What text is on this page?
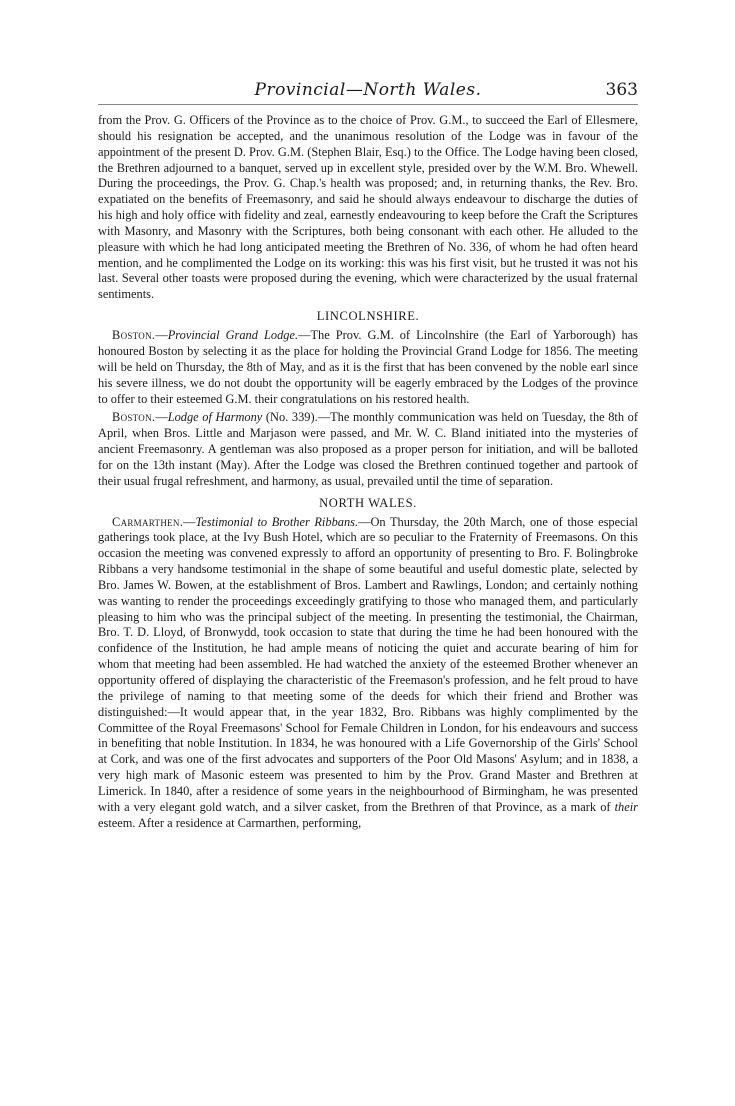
Provincial—North Wales.	363

from the Prov. G. Officers of the Province as to the choice of Prov. G.M., to succeed the Earl of Ellesmere, should his resignation be accepted, and the unanimous resolution of the Lodge was in favour of the appointment of the present D. Prov. G.M. (Stephen Blair, Esq.) to the Office. The Lodge having been closed, the Brethren adjourned to a banquet, served up in excellent style, presided over by the W.M. Bro. Whewell. During the proceedings, the Prov. G. Chap.'s health was proposed; and, in returning thanks, the Rev. Bro. expatiated on the benefits of Freemasonry, and said he should always endeavour to discharge the duties of his high and holy office with fidelity and zeal, earnestly endeavouring to keep before the Craft the Scriptures with Masonry, and Masonry with the Scriptures, both being consonant with each other. He alluded to the pleasure with which he had long anticipated meeting the Brethren of No. 336, of whom he had often heard mention, and he complimented the Lodge on its working: this was his first visit, but he trusted it was not his last. Several other toasts were proposed during the evening, which were characterized by the usual fraternal sentiments.

LINCOLNSHIRE.

Boston.—Provincial Grand Lodge.—The Prov. G.M. of Lincolnshire (the Earl of Yarborough) has honoured Boston by selecting it as the place for holding the Provincial Grand Lodge for 1856. The meeting will be held on Thursday, the 8th of May, and as it is the first that has been convened by the noble earl since his severe illness, we do not doubt the opportunity will be eagerly embraced by the Lodges of the province to offer to their esteemed G.M. their congratulations on his restored health.

Boston.—Lodge of Harmony (No. 339).—The monthly communication was held on Tuesday, the 8th of April, when Bros. Little and Marjason were passed, and Mr. W. C. Bland initiated into the mysteries of ancient Freemasonry. A gentleman was also proposed as a proper person for initiation, and will be balloted for on the 13th instant (May). After the Lodge was closed the Brethren continued together and partook of their usual frugal refreshment, and harmony, as usual, prevailed until the time of separation.

NORTH WALES.

Carmarthen.—Testimonial to Brother Ribbans.—On Thursday, the 20th March, one of those especial gatherings took place, at the Ivy Bush Hotel, which are so peculiar to the Fraternity of Freemasons. On this occasion the meeting was convened expressly to afford an opportunity of presenting to Bro. F. Bolingbroke Ribbans a very handsome testimonial in the shape of some beautiful and useful domestic plate, selected by Bro. James W. Bowen, at the establishment of Bros. Lambert and Rawlings, London; and certainly nothing was wanting to render the proceedings exceedingly gratifying to those who managed them, and particularly pleasing to him who was the principal subject of the meeting. In presenting the testimonial, the Chairman, Bro. T. D. Lloyd, of Bronwydd, took occasion to state that during the time he had been honoured with the confidence of the Institution, he had ample means of noticing the quiet and accurate bearing of him for whom that meeting had been assembled. He had watched the anxiety of the esteemed Brother whenever an opportunity offered of displaying the characteristic of the Freemason's profession, and he felt proud to have the privilege of naming to that meeting some of the deeds for which their friend and Brother was distinguished:—It would appear that, in the year 1832, Bro. Ribbans was highly complimented by the Committee of the Royal Freemasons' School for Female Children in London, for his endeavours and success in benefiting that noble Institution. In 1834, he was honoured with a Life Governorship of the Girls' School at Cork, and was one of the first advocates and supporters of the Poor Old Masons' Asylum; and in 1838, a very high mark of Masonic esteem was presented to him by the Prov. Grand Master and Brethren at Limerick. In 1840, after a residence of some years in the neighbourhood of Birmingham, he was presented with a very elegant gold watch, and a silver casket, from the Brethren of that Province, as a mark of their esteem. After a residence at Carmarthen, performing,
